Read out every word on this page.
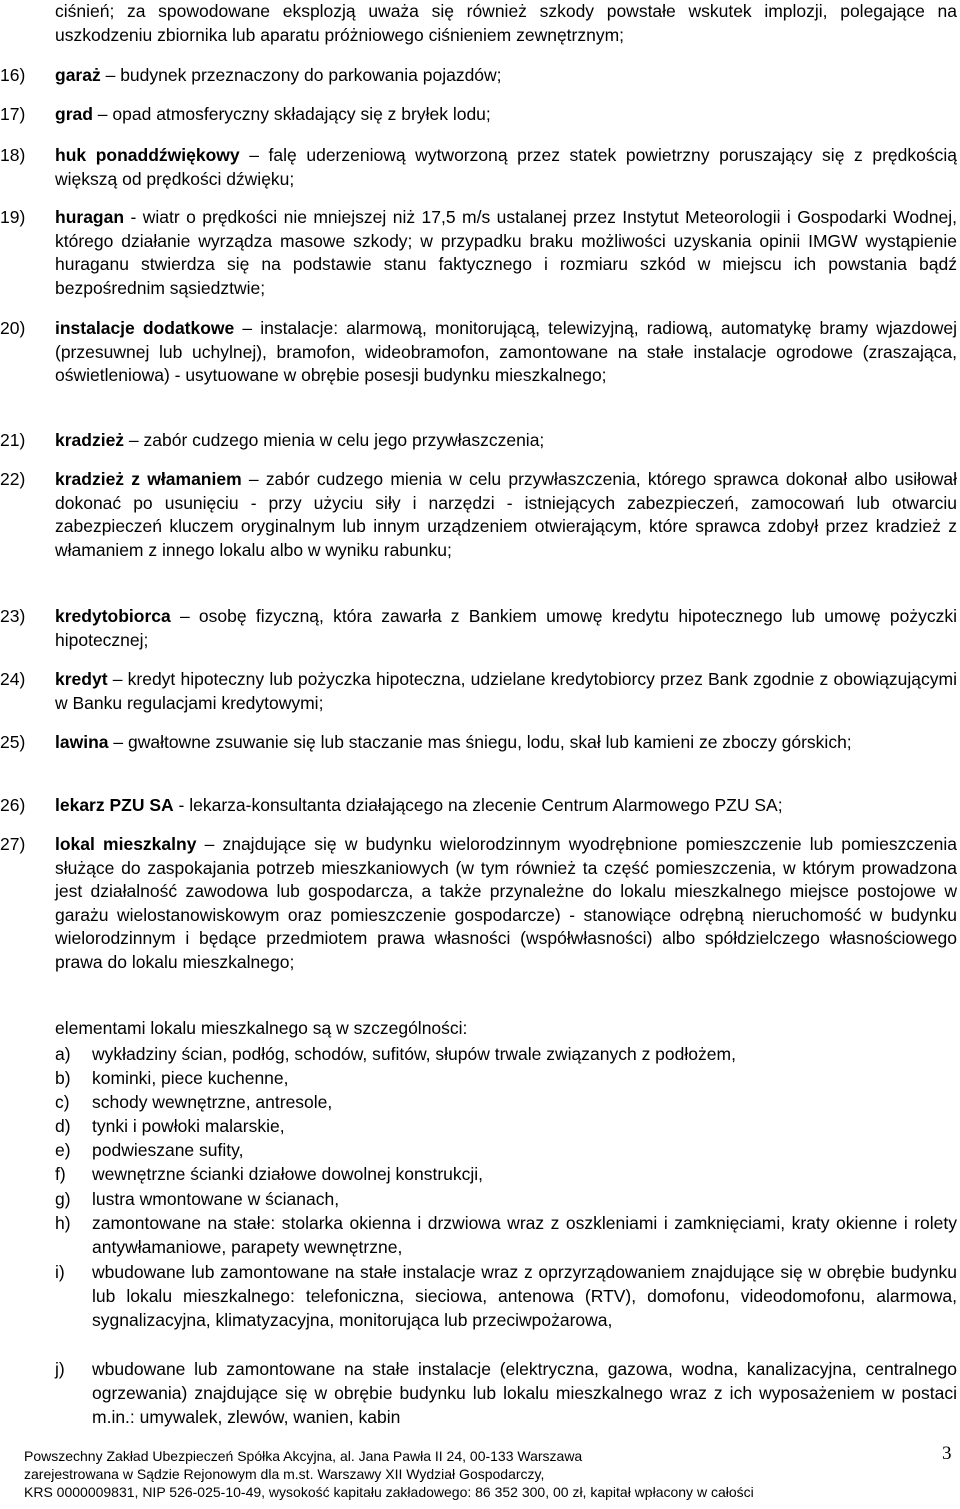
ciśnień; za spowodowane eksplozją uważa się również szkody powstałe wskutek implozji, polegające na uszkodzeniu zbiornika lub aparatu próżniowego ciśnieniem zewnętrznym;

16)	garaż – budynek przeznaczony do parkowania pojazdów;

17)	grad – opad atmosferyczny składający się z bryłek lodu;

18)	huk ponaddźwiękowy – falę uderzeniową wytworzoną przez statek powietrzny poruszający się z prędkością większą od prędkości dźwięku;

19)	huragan - wiatr o prędkości nie mniejszej niż 17,5 m/s ustalanej przez Instytut Meteorologii i Gospodarki Wodnej, którego działanie wyrządza masowe szkody; w przypadku braku możliwości uzyskania opinii IMGW wystąpienie huraganu stwierdza się na podstawie stanu faktycznego i rozmiaru szkód w miejscu ich powstania bądź bezpośrednim sąsiedztwie;

20)	instalacje dodatkowe – instalacje: alarmową, monitorującą, telewizyjną, radiową, automatykę bramy wjazdowej (przesuwnej lub uchylnej), bramofon, wideobramofon, zamontowane na stałe instalacje ogrodowe (zraszająca, oświetleniowa) - usytuowane w obrębie posesji budynku mieszkalnego;

21)	kradzież – zabór cudzego mienia w celu jego przywłaszczenia;

22)	kradzież z włamaniem – zabór cudzego mienia w celu przywłaszczenia, którego sprawca dokonał albo usiłował dokonać po usunięciu - przy użyciu siły i narzędzi - istniejących zabezpieczeń, zamocowań lub otwarciu zabezpieczeń kluczem oryginalnym lub innym urządzeniem otwierającym, które sprawca zdobył przez kradzież z włamaniem z innego lokalu albo w wyniku rabunku;

23)	kredytobiorca – osobę fizyczną, która zawarła z Bankiem umowę kredytu hipotecznego lub umowę pożyczki hipotecznej;

24)	kredyt – kredyt hipoteczny lub pożyczka hipoteczna, udzielane kredytobiorcy przez Bank zgodnie z obowiązującymi w Banku regulacjami kredytowymi;

25)	lawina – gwałtowne zsuwanie się lub staczanie mas śniegu, lodu, skał lub kamieni ze zboczy górskich;

26)	lekarz PZU SA - lekarza-konsultanta działającego na zlecenie Centrum Alarmowego PZU SA;

27)	lokal mieszkalny – znajdujące się w budynku wielorodzinnym wyodrębnione pomieszczenie lub pomieszczenia służące do zaspokajania potrzeb mieszkaniowych (w tym również ta część pomieszczenia, w którym prowadzona jest działalność zawodowa lub gospodarcza, a także przynależne do lokalu mieszkalnego miejsce postojowe w garażu wielostanowiskowym oraz pomieszczenie gospodarcze) - stanowiące odrębną nieruchomość w budynku wielorodzinnym i będące przedmiotem prawa własności (współwłasności) albo spółdzielczego własnościowego prawa do lokalu mieszkalnego;

elementami lokalu mieszkalnego są w szczególności:

a)	wykładziny ścian, podłóg, schodów, sufitów, słupów trwale związanych z podłożem,

b)	kominki, piece kuchenne,

c)	schody wewnętrzne, antresole,

d)	tynki i powłoki malarskie,

e)	podwieszane sufity,

f)	wewnętrzne ścianki działowe dowolnej konstrukcji,

g)	lustra wmontowane w ścianach,

h)	zamontowane na stałe: stolarka okienna i drzwiowa wraz z oszkleniami i zamknięciami, kraty okienne i rolety antywłamaniowe, parapety wewnętrzne,

i)	wbudowane lub zamontowane na stałe instalacje wraz z oprzyrządowaniem znajdujące się w obrębie budynku lub lokalu mieszkalnego: telefoniczna, sieciowa, antenowa (RTV), domofonu, videodomofonu, alarmowa, sygnalizacyjna, klimatyzacyjna, monitorująca lub przeciwpożarowa,

j)	wbudowane lub zamontowane na stałe instalacje (elektryczna, gazowa, wodna, kanalizacyjna, centralnego ogrzewania) znajdujące się w obrębie budynku lub lokalu mieszkalnego wraz z ich wyposażeniem w postaci m.in.: umywalek, zlewów, wanien, kabin

Powszechny Zakład Ubezpieczeń Spółka Akcyjna, al. Jana Pawła II 24, 00-133 Warszawa
zarejestrowana w Sądzie Rejonowym dla m.st. Warszawy XII Wydział Gospodarczy,
KRS 0000009831, NIP 526-025-10-49, wysokość kapitału zakładowego: 86 352 300, 00 zł, kapitał wpłacony w całości
3
